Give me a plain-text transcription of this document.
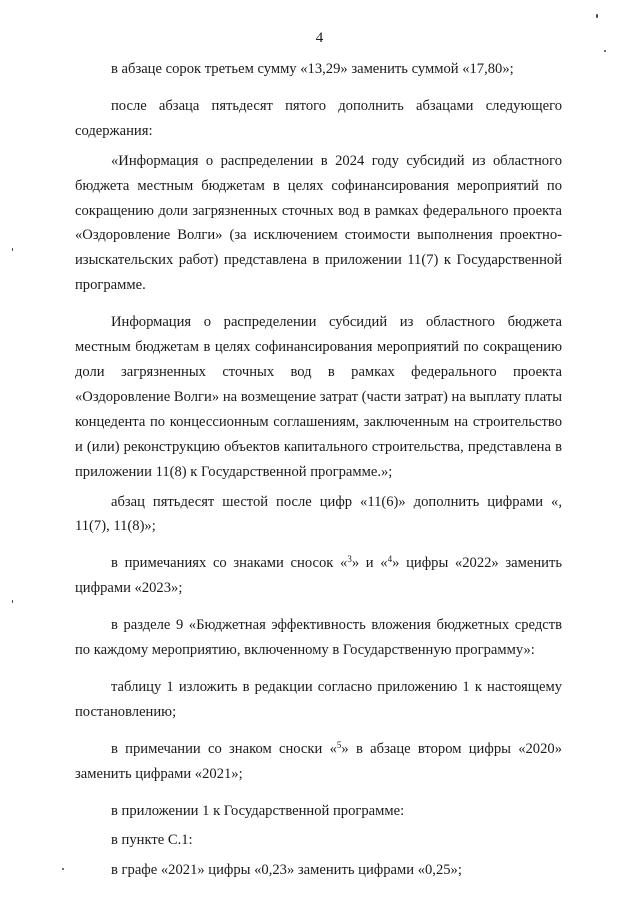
4

в абзаце сорок третьем сумму «13,29» заменить суммой «17,80»;

после абзаца пятьдесят пятого дополнить абзацами следующего содержания:

«Информация о распределении в 2024 году субсидий из областного бюджета местным бюджетам в целях софинансирования мероприятий по сокращению доли загрязненных сточных вод в рамках федерального проекта «Оздоровление Волги» (за исключением стоимости выполнения проектно-изыскательских работ) представлена в приложении 11(7) к Государственной программе.

Информация о распределении субсидий из областного бюджета местным бюджетам в целях софинансирования мероприятий по сокращению доли загрязненных сточных вод в рамках федерального проекта «Оздоровление Волги» на возмещение затрат (части затрат) на выплату платы концедента по концессионным соглашениям, заключенным на строительство и (или) реконструкцию объектов капитального строительства, представлена в приложении 11(8) к Государственной программе.»;

абзац пятьдесят шестой после цифр «11(6)» дополнить цифрами «, 11(7), 11(8)»;

в примечаниях со знаками сносок «$^3$» и «$^4$» цифры «2022» заменить цифрами «2023»;

в разделе 9 «Бюджетная эффективность вложения бюджетных средств по каждому мероприятию, включенному в Государственную программу»:

таблицу 1 изложить в редакции согласно приложению 1 к настоящему постановлению;

в примечании со знаком сноски «$^5$» в абзаце втором цифры «2020» заменить цифрами «2021»;

в приложении 1 к Государственной программе:

в пункте С.1:

в графе «2021» цифры «0,23» заменить цифрами «0,25»;
